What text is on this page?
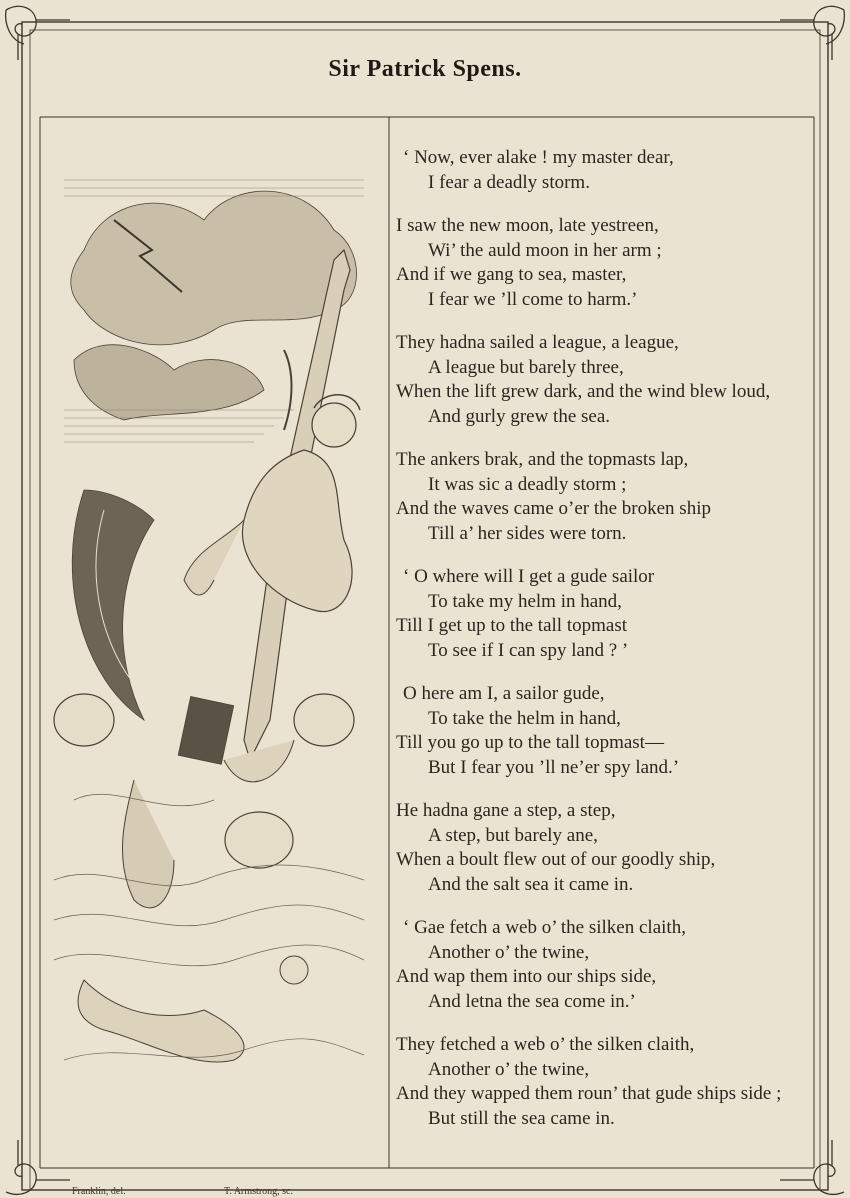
Sir Patrick Spens.
‘ Now, ever alake ! my master dear,
I fear a deadly storm.
I saw the new moon, late yestreen,
Wi’ the auld moon in her arm ;
And if we gang to sea, master,
I fear we ’ll come to harm.’
They hadna sailed a league, a league,
A league but barely three,
When the lift grew dark, and the wind blew loud,
And gurly grew the sea.
The ankers brak, and the topmasts lap,
It was sic a deadly storm ;
And the waves came o’er the broken ship
Till a’ her sides were torn.
‘ O where will I get a gude sailor
To take my helm in hand,
Till I get up to the tall topmast
To see if I can spy land ? ’
O here am I, a sailor gude,
To take the helm in hand,
Till you go up to the tall topmast—
But I fear you ’ll ne’er spy land.’
He hadna gane a step, a step,
A step, but barely ane,
When a boult flew out of our goodly ship,
And the salt sea it came in.
‘ Gae fetch a web o’ the silken claith,
Another o’ the twine,
And wap them into our ships side,
And letna the sea come in.’
They fetched a web o’ the silken claith,
Another o’ the twine,
And they wapped them roun’ that gude ships side ;
But still the sea came in.
Franklin, del.	T. Armstrong, sc.
